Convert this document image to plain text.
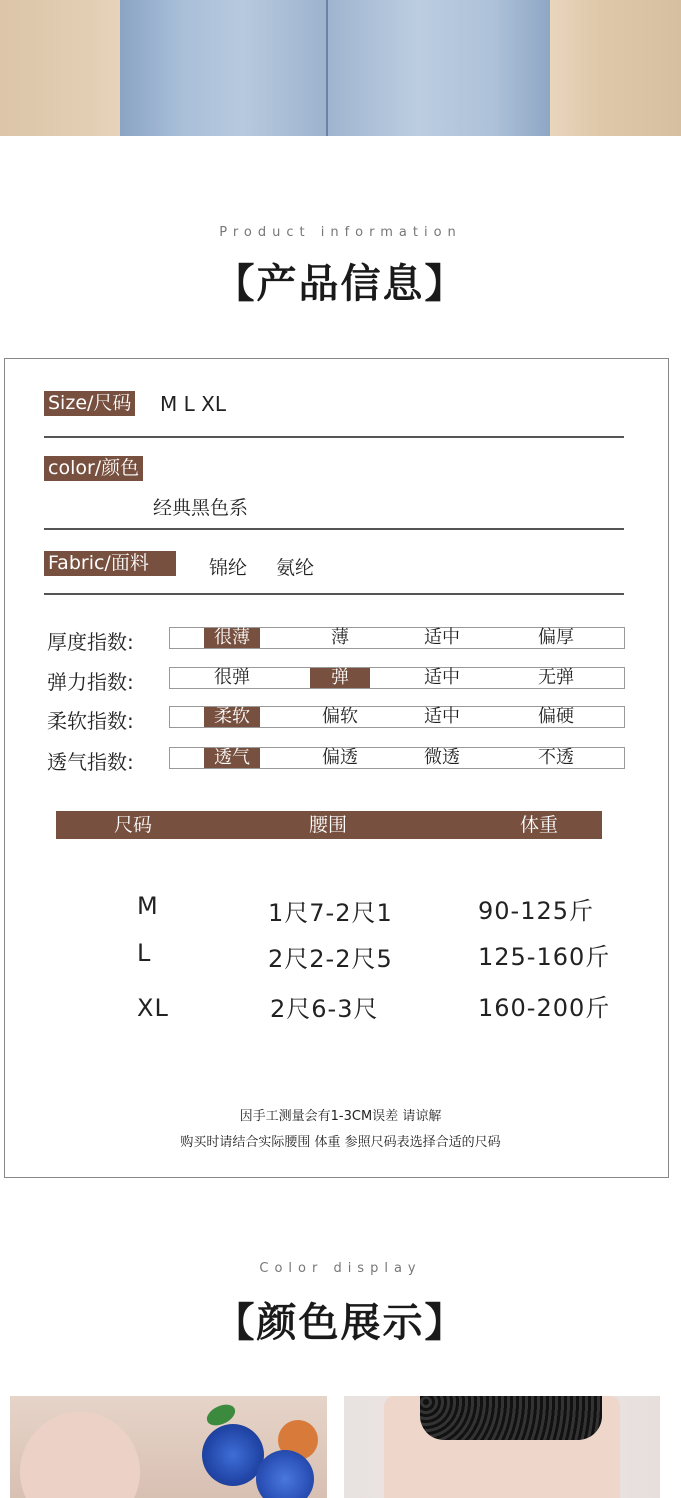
Product information
【产品信息】
Size/尺码 M L XL
color/颜色
经典黑色系
Fabric/面料	锦纶 氨纶
厚度指数:	很薄	薄	适中	偏厚
弹力指数:	很弹	弹	适中	无弹
柔软指数:	柔软	偏软	适中	偏硬
透气指数:	透气	偏透	微透	不透
尺码	腰围	体重
M	1尺7-2尺1	90-125斤
L	2尺2-2尺5	125-160斤
XL	2尺6-3尺	160-200斤
因手工测量会有1-3CM误差 请谅解
购买时请结合实际腰围 体重 参照尺码表选择合适的尺码
Color display
【颜色展示】
